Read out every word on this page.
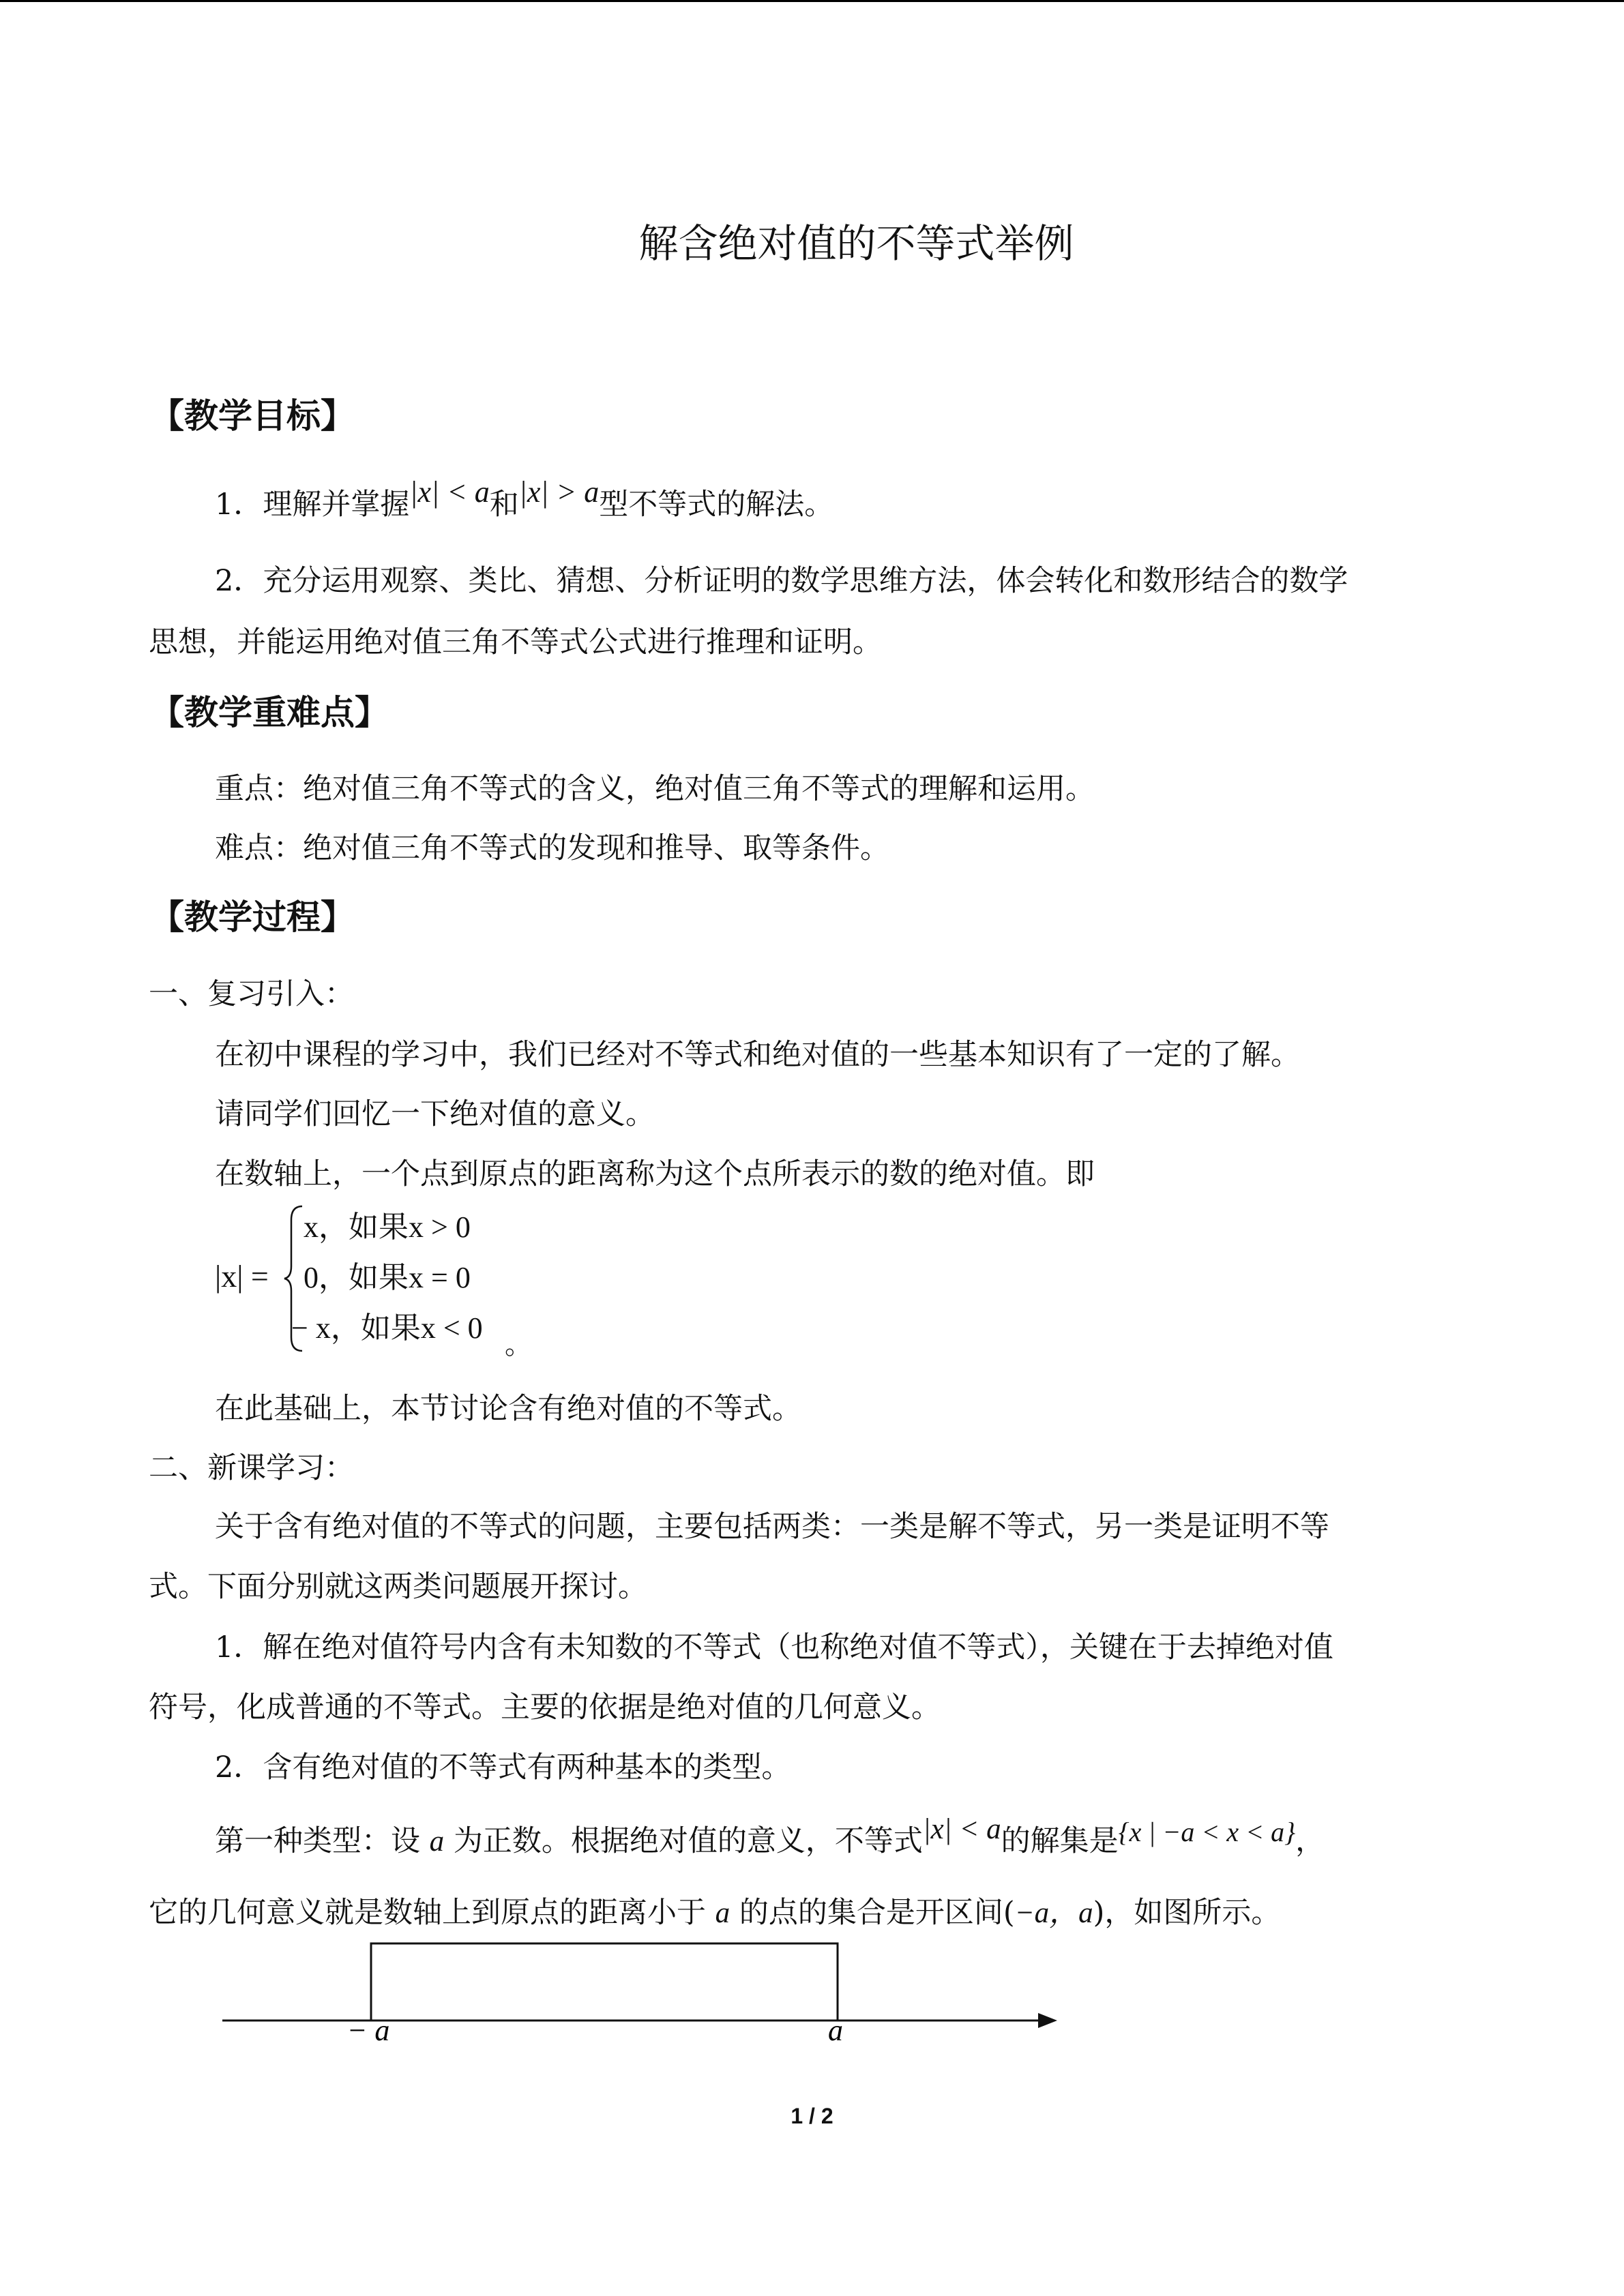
解含绝对值的不等式举例
【教学目标】
1．理解并掌握|x| < a和|x| > a型不等式的解法。
2．充分运用观察、类比、猜想、分析证明的数学思维方法，体会转化和数形结合的数学
思想，并能运用绝对值三角不等式公式进行推理和证明。
【教学重难点】
重点：绝对值三角不等式的含义，绝对值三角不等式的理解和运用。
难点：绝对值三角不等式的发现和推导、取等条件。
【教学过程】
一、复习引入：
在初中课程的学习中，我们已经对不等式和绝对值的一些基本知识有了一定的了解。
请同学们回忆一下绝对值的意义。
在数轴上，一个点到原点的距离称为这个点所表示的数的绝对值。即
|x| =
x，如果x > 0
0，如果x = 0
− x，如果x < 0 。
在此基础上，本节讨论含有绝对值的不等式。
二、新课学习：
关于含有绝对值的不等式的问题，主要包括两类：一类是解不等式，另一类是证明不等
式。下面分别就这两类问题展开探讨。
1．解在绝对值符号内含有未知数的不等式（也称绝对值不等式），关键在于去掉绝对值
符号，化成普通的不等式。主要的依据是绝对值的几何意义。
2．含有绝对值的不等式有两种基本的类型。
第一种类型：设 a 为正数。根据绝对值的意义，不等式|x| < a的解集是{x | −a < x < a}，
它的几何意义就是数轴上到原点的距离小于 a 的点的集合是开区间(−a，a)，如图所示。
− a	a
1 / 2
